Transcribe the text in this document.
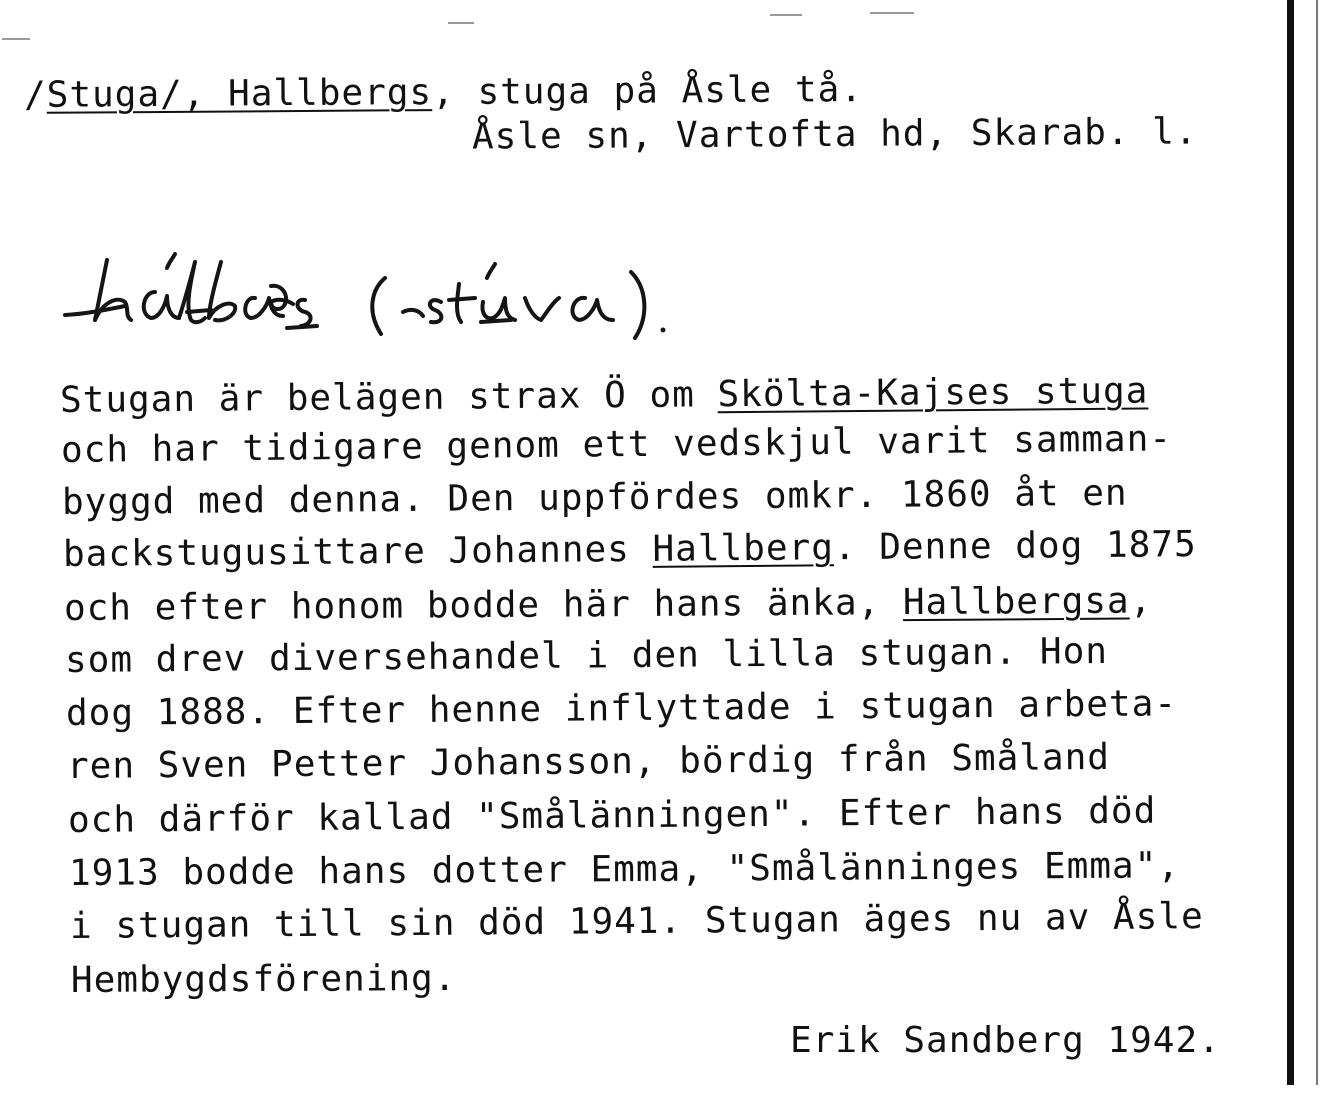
/Stuga/, Hallbergs, stuga på Åsle tå.
Åsle sn, Vartofta hd, Skarab. l.
Stugan är belägen strax Ö om Skölta-Kajses stuga
och har tidigare genom ett vedskjul varit samman-
byggd med denna. Den uppfördes omkr. 1860 åt en
backstugusittare Johannes Hallberg. Denne dog 1875
och efter honom bodde här hans änka, Hallbergsa,
som drev diversehandel i den lilla stugan. Hon
dog 1888. Efter henne inflyttade i stugan arbeta-
ren Sven Petter Johansson, bördig från Småland
och därför kallad "Smålänningen". Efter hans död
1913 bodde hans dotter Emma, "Smålänninges Emma",
i stugan till sin död 1941. Stugan äges nu av Åsle
Hembygdsförening.
Erik Sandberg 1942.
